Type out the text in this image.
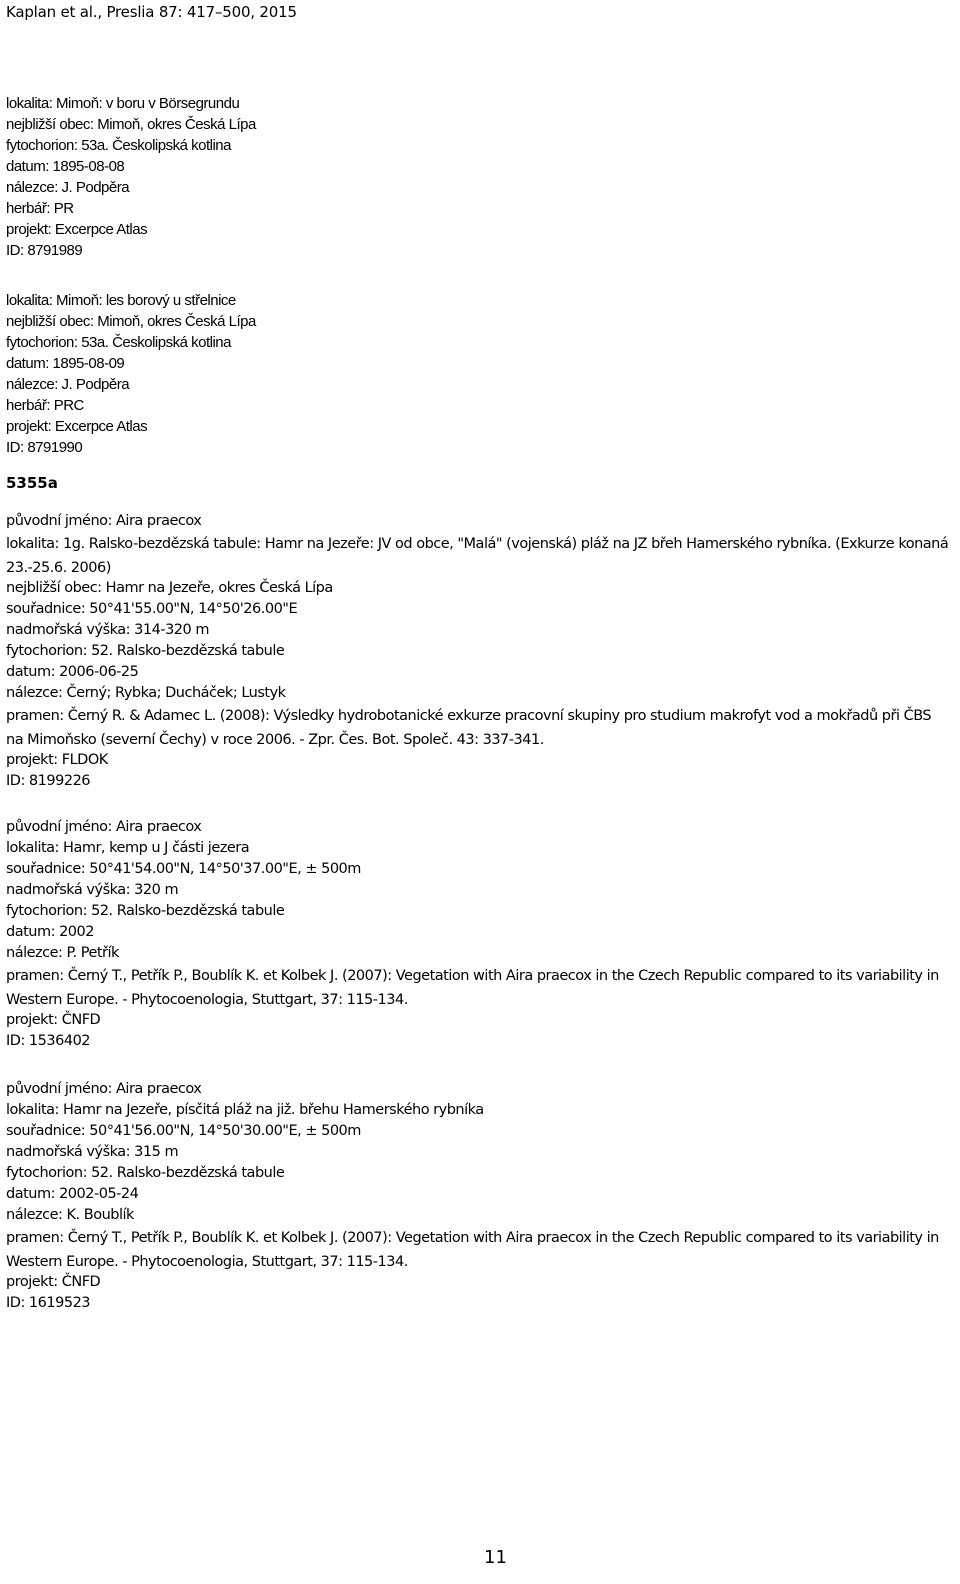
Kaplan et al., Preslia 87: 417–500, 2015
lokalita: Mimoň: v boru v Börsegrundu
nejbližší obec: Mimoň, okres Česká Lípa
fytochorion: 53a. Českolipská kotlina
datum: 1895-08-08
nálezce: J. Podpěra
herbář: PR
projekt: Excerpce Atlas
ID: 8791989
lokalita: Mimoň: les borový u střelnice
nejbližší obec: Mimoň, okres Česká Lípa
fytochorion: 53a. Českolipská kotlina
datum: 1895-08-09
nálezce: J. Podpěra
herbář: PRC
projekt: Excerpce Atlas
ID: 8791990
5355a
původní jméno: Aira praecox
lokalita: 1g. Ralsko-bezdězská tabule: Hamr na Jezeře: JV od obce, "Malá" (vojenská) pláž na JZ břeh Hamerského rybníka. (Exkurze konaná 23.-25.6. 2006)
nejbližší obec: Hamr na Jezeře, okres Česká Lípa
souřadnice: 50°41'55.00"N, 14°50'26.00"E
nadmořská výška: 314-320 m
fytochorion: 52. Ralsko-bezdězská tabule
datum: 2006-06-25
nálezce: Černý; Rybka; Ducháček; Lustyk
pramen: Černý R. & Adamec L. (2008): Výsledky hydrobotanické exkurze pracovní skupiny pro studium makrofyt vod a mokřadů při ČBS na Mimoňsko (severní Čechy) v roce 2006. - Zpr. Čes. Bot. Společ. 43: 337-341.
projekt: FLDOK
ID: 8199226
původní jméno: Aira praecox
lokalita: Hamr, kemp u J části jezera
souřadnice: 50°41'54.00"N, 14°50'37.00"E, ± 500m
nadmořská výška: 320 m
fytochorion: 52. Ralsko-bezdězská tabule
datum: 2002
nálezce: P. Petřík
pramen: Černý T., Petřík P., Boublík K. et Kolbek J. (2007): Vegetation with Aira praecox in the Czech Republic compared to its variability in Western Europe. - Phytocoenologia, Stuttgart, 37: 115-134.
projekt: ČNFD
ID: 1536402
původní jméno: Aira praecox
lokalita: Hamr na Jezeře, písčitá pláž na již. břehu Hamerského rybníka
souřadnice: 50°41'56.00"N, 14°50'30.00"E, ± 500m
nadmořská výška: 315 m
fytochorion: 52. Ralsko-bezdězská tabule
datum: 2002-05-24
nálezce: K. Boublík
pramen: Černý T., Petřík P., Boublík K. et Kolbek J. (2007): Vegetation with Aira praecox in the Czech Republic compared to its variability in Western Europe. - Phytocoenologia, Stuttgart, 37: 115-134.
projekt: ČNFD
ID: 1619523
11
